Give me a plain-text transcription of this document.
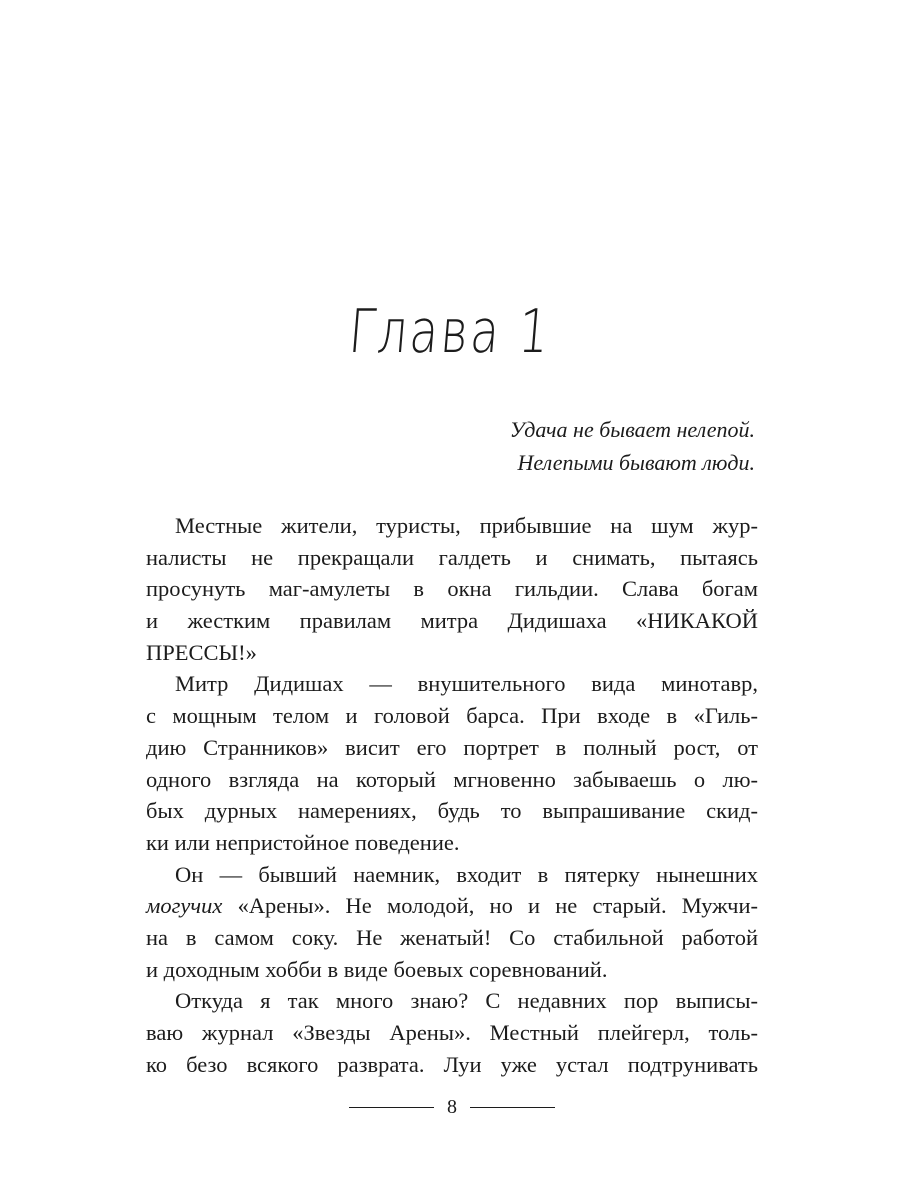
Глава 1
Удача не бывает нелепой.
Нелепыми бывают люди.
Местные жители, туристы, прибывшие на шум жур-
налисты не прекращали галдеть и снимать, пытаясь
просунуть маг-амулеты в окна гильдии. Слава богам
и жестким правилам митра Дидишаха «НИКАКОЙ
ПРЕССЫ!»
Митр Дидишах — внушительного вида минотавр,
с мощным телом и головой барса. При входе в «Гиль-
дию Странников» висит его портрет в полный рост, от
одного взгляда на который мгновенно забываешь о лю-
бых дурных намерениях, будь то выпрашивание скид-
ки или непристойное поведение.
Он — бывший наемник, входит в пятерку нынешних
могучих «Арены». Не молодой, но и не старый. Мужчи-
на в самом соку. Не женатый! Со стабильной работой
и доходным хобби в виде боевых соревнований.
Откуда я так много знаю? С недавних пор выписы-
ваю журнал «Звезды Арены». Местный плейгерл, толь-
ко безо всякого разврата. Луи уже устал подтрунивать
8
